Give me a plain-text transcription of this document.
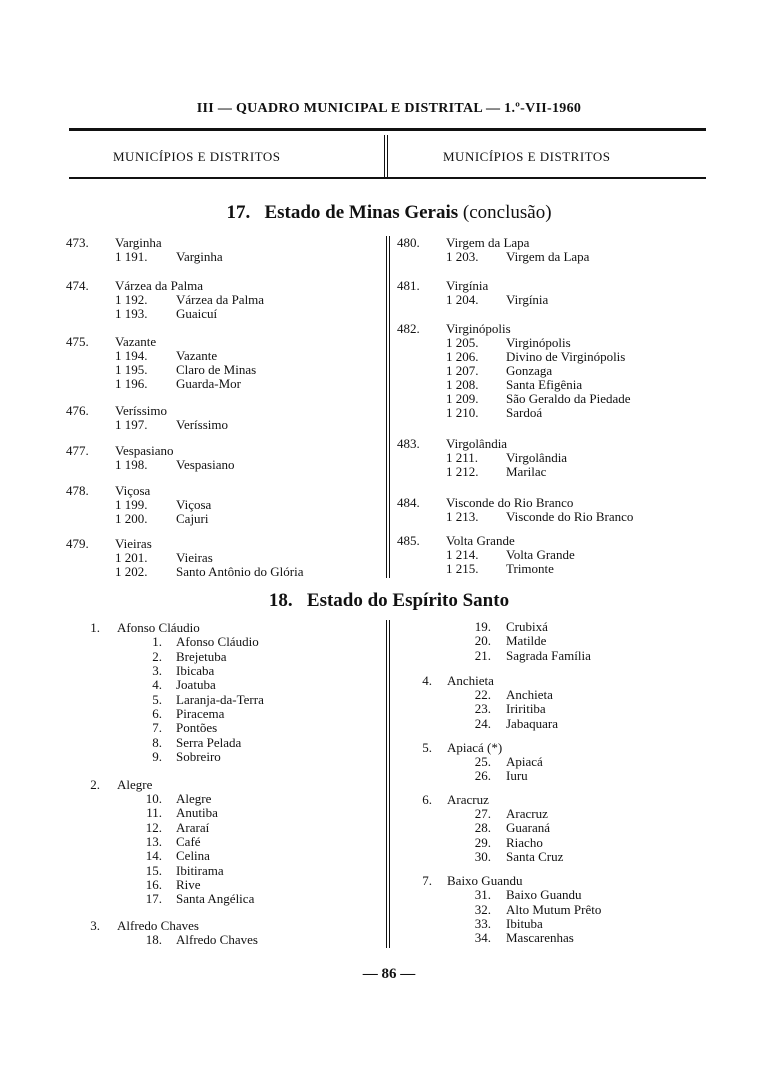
III — QUADRO MUNICIPAL E DISTRITAL — 1.º-VII-1960
MUNICÍPIOS E DISTRITOS	MUNICÍPIOS E DISTRITOS
17. Estado de Minas Gerais (conclusão)
18. Estado do Espírito Santo
473.	Varginha
1 191.	Varginha
474.	Várzea da Palma
1 192.	Várzea da Palma
1 193.	Guaicuí
475.	Vazante
1 194.	Vazante
1 195.	Claro de Minas
1 196.	Guarda-Mor
476.	Veríssimo
1 197.	Veríssimo
477.	Vespasiano
1 198.	Vespasiano
478.	Viçosa
1 199.	Viçosa
1 200.	Cajuri
479.	Vieiras
1 201.	Vieiras
1 202.	Santo Antônio do Glória
480.	Virgem da Lapa
1 203.	Virgem da Lapa
481.	Virgínia
1 204.	Virgínia
482.	Virginópolis
1 205.	Virginópolis
1 206.	Divino de Virginópolis
1 207.	Gonzaga
1 208.	Santa Efigênia
1 209.	São Geraldo da Piedade
1 210.	Sardoá
483.	Virgolândia
1 211.	Virgolândia
1 212.	Marilac
484.	Visconde do Rio Branco
1 213.	Visconde do Rio Branco
485.	Volta Grande
1 214.	Volta Grande
1 215.	Trimonte
1. Afonso Cláudio
1. Afonso Cláudio
2. Brejetuba
3. Ibicaba
4. Joatuba
5. Laranja-da-Terra
6. Piracema
7. Pontões
8. Serra Pelada
9. Sobreiro
2. Alegre
10. Alegre
11. Anutiba
12. Araraí
13. Café
14. Celina
15. Ibitirama
16. Rive
17. Santa Angélica
3. Alfredo Chaves
18. Alfredo Chaves
19. Crubixá
20. Matilde
21. Sagrada Família
4. Anchieta
22. Anchieta
23. Iriritiba
24. Jabaquara
5. Apiacá (*)
25. Apiacá
26. Iuru
6. Aracruz
27. Aracruz
28. Guaraná
29. Riacho
30. Santa Cruz
7. Baixo Guandu
31. Baixo Guandu
32. Alto Mutum Prêto
33. Ibituba
34. Mascarenhas
— 86 —
